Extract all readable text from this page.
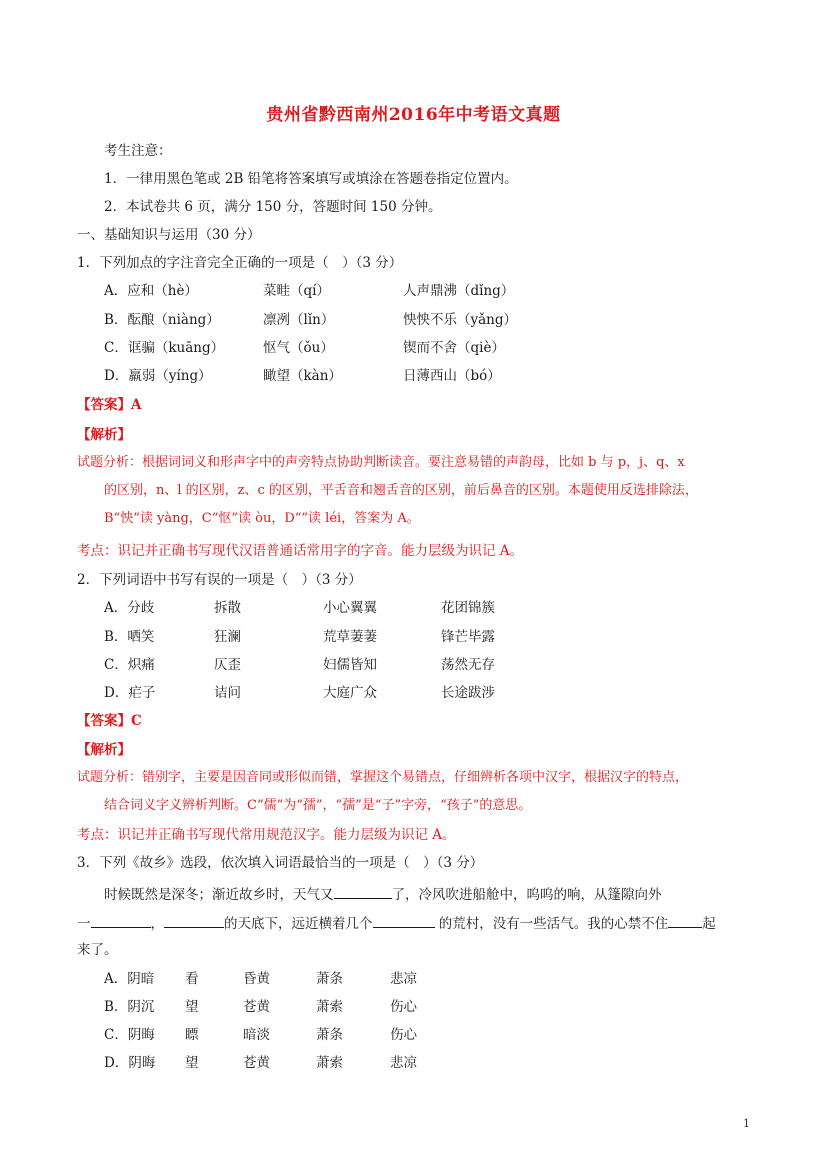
贵州省黔西南州2016年中考语文真题
考生注意：
1．一律用黑色笔或 2B 铅笔将答案填写或填涂在答题卷指定位置内。
2．本试卷共 6 页，满分 150 分，答题时间 150 分钟。
一、基础知识与运用（30 分）
1．下列加点的字注音完全正确的一项是（　）（3 分）
A．应和（hè）	菜畦（qí）	人声鼎沸（dǐng）
B．酝酿（niàng）	凛冽（lǐn）	怏怏不乐（yǎng）
C．诓骗（kuāng）	怄气（ǒu）	锲而不舍（qiè）
D．羸弱（yíng）	瞰望（kàn）	日薄西山（bó）
【答案】A
【解析】
试题分析：根据词词义和形声字中的声旁特点协助判断读音。要注意易错的声韵母，比如 b 与 p，j、q、x
的区别，n、l 的区别，z、c 的区别，平舌音和翘舌音的区别，前后鼻音的区别。本题使用反选排除法，
B“怏”读 yàng，C“怄”读 òu，D“”读 léi，答案为 A。
考点：识记并正确书写现代汉语普通话常用字的字音。能力层级为识记 A。
2．下列词语中书写有误的一项是（　）（3 分）
A．分歧	拆散	小心翼翼	花团锦簇
B．哂笑	狂澜	荒草萋萋	锋芒毕露
C．炽痛	仄歪	妇儒皆知	荡然无存
D．疟子	诘问	大庭广众	长途跋涉
【答案】C
【解析】
试题分析：错别字，主要是因音同或形似而错，掌握这个易错点，仔细辨析各项中汉字，根据汉字的特点，
结合词义字义辨析判断。C“儒”为“孺”，“孺”是“子”字旁，“孩子”的意思。
考点：识记并正确书写现代常用规范汉字。能力层级为识记 A。
3．下列《故乡》选段，依次填入词语最恰当的一项是（　）（3 分）
时候既然是深冬；渐近故乡时，天气又	了，冷风吹进船舱中，呜呜的响，从篷隙向外
一	，	的天底下，远近横着几个	的荒村，没有一些活气。我的心禁不住	起
来了。
A．阴暗 看	昏黄	萧条	悲凉
B．阴沉 望	苍黄	萧索	伤心
C．阴晦 瞟	暗淡	萧条	伤心
D．阴晦 望	苍黄	萧索	悲凉
1
